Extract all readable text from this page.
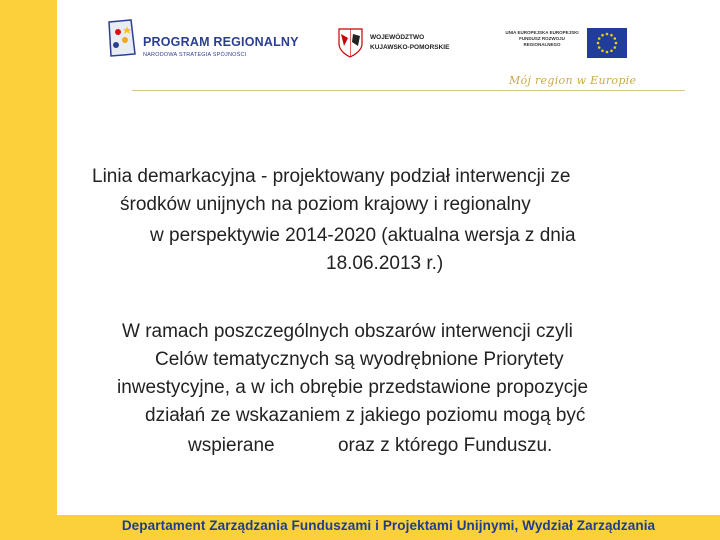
PROGRAM REGIONALNY
NARODOWA STRATEGIA SPÓJNOŚCI
WOJEWÓDZTWO
KUJAWSKO-POMORSKIE
UNIA EUROPEJSKA EUROPEJSKI FUNDUSZ ROZWOJU REGIONALNEGO
Mój region w Europie
Linia demarkacyjna - projektowany podział interwencji ze
środków unijnych na poziom krajowy i regionalny
w perspektywie 2014-2020 (aktualna wersja z dnia
18.06.2013 r.)
W ramach poszczególnych obszarów interwencji czyli
Celów tematycznych są wyodrębnione Priorytety
inwestycyjne, a w ich obrębie przedstawione propozycje
działań ze wskazaniem z jakiego poziomu mogą być
wspierane            oraz z którego Funduszu.
Departament Zarządzania Funduszami i Projektami Unijnymi, Wydział Zarządzania
